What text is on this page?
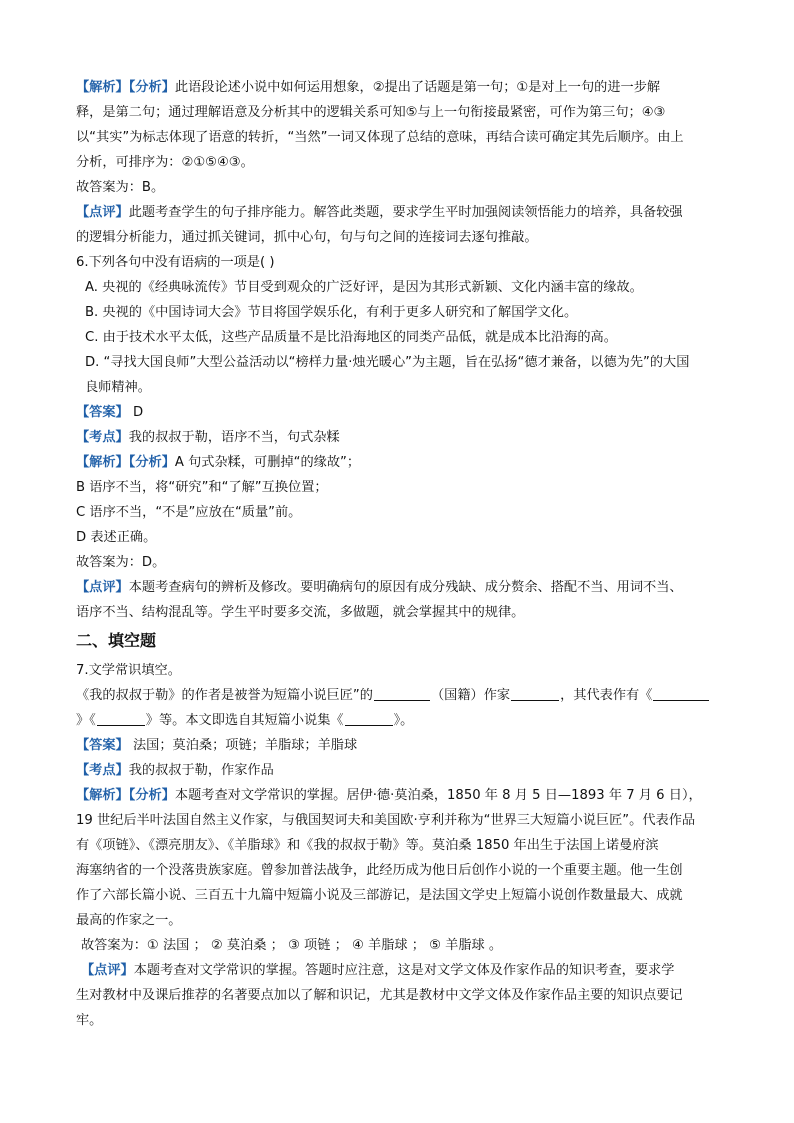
【解析】【分析】此语段论述小说中如何运用想象，②提出了话题是第一句；①是对上一句的进一步解
释，是第二句；通过理解语意及分析其中的逻辑关系可知⑤与上一句衔接最紧密，可作为第三句；④③
以“其实”为标志体现了语意的转折，“当然”一词又体现了总结的意味，再结合读可确定其先后顺序。由上
分析，可排序为：②①⑤④③。
故答案为：B。
【点评】此题考查学生的句子排序能力。解答此类题，要求学生平时加强阅读领悟能力的培养，具备较强
的逻辑分析能力，通过抓关键词，抓中心句，句与句之间的连接词去逐句推敲。
6.下列各句中没有语病的一项是( )
A. 央视的《经典咏流传》节目受到观众的广泛好评，是因为其形式新颖、文化内涵丰富的缘故。
B. 央视的《中国诗词大会》节目将国学娱乐化，有利于更多人研究和了解国学文化。
C. 由于技术水平太低，这些产品质量不是比沿海地区的同类产品低，就是成本比沿海的高。
D. “寻找大国良师”大型公益活动以“榜样力量·烛光暖心”为主题，旨在弘扬“德才兼备，以德为先”的大国
良师精神。
【答案】 D
【考点】我的叔叔于勒，语序不当，句式杂糅
【解析】【分析】A 句式杂糅，可删掉“的缘故”；
B 语序不当，将“研究”和“了解”互换位置；
C 语序不当，“不是”应放在“质量”前。
D 表述正确。
故答案为：D。
【点评】本题考查病句的辨析及修改。要明确病句的原因有成分残缺、成分赘余、搭配不当、用词不当、
语序不当、结构混乱等。学生平时要多交流，多做题，就会掌握其中的规律。
二、填空题
7.文学常识填空。
《我的叔叔于勒》的作者是被誉为短篇小说巨匠”的	（国籍）作家	，其代表作有《
》《	》等。本文即选自其短篇小说集《	》。
【答案】 法国；莫泊桑；项链；羊脂球；羊脂球
【考点】我的叔叔于勒，作家作品
【解析】【分析】本题考查对文学常识的掌握。居伊·德·莫泊桑，1850 年 8 月 5 日—1893 年 7 月 6 日），
19 世纪后半叶法国自然主义作家，与俄国契诃夫和美国欧·亨利并称为“世界三大短篇小说巨匠”。代表作品
有《项链》、《漂亮朋友》、《羊脂球》和《我的叔叔于勒》等。莫泊桑 1850 年出生于法国上诺曼府滨
海塞纳省的一个没落贵族家庭。曾参加普法战争，此经历成为他日后创作小说的一个重要主题。他一生创
作了六部长篇小说、三百五十九篇中短篇小说及三部游记，是法国文学史上短篇小说创作数量最大、成就
最高的作家之一。
故答案为：① 法国 ； ② 莫泊桑 ； ③ 项链 ； ④ 羊脂球 ； ⑤ 羊脂球 。
【点评】本题考查对文学常识的掌握。答题时应注意，这是对文学文体及作家作品的知识考查，要求学
生对教材中及课后推荐的名著要点加以了解和识记，尤其是教材中文学文体及作家作品主要的知识点要记
牢。
